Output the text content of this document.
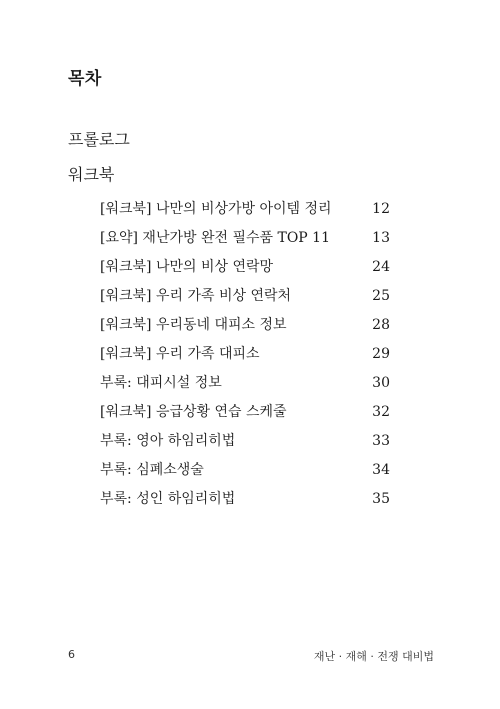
목차
프롤로그
워크북
[워크북] 나만의 비상가방 아이템 정리	12
[요약] 재난가방 완전 필수품 TOP 11	13
[워크북] 나만의 비상 연락망	24
[워크북] 우리 가족 비상 연락처	25
[워크북] 우리동네 대피소 정보	28
[워크북] 우리 가족 대피소	29
부록: 대피시설 정보	30
[워크북] 응급상황 연습 스케줄	32
부록: 영아 하임리히법	33
부록: 심폐소생술	34
부록: 성인 하임리히법	35
6	재난 · 재해 · 전쟁 대비법
